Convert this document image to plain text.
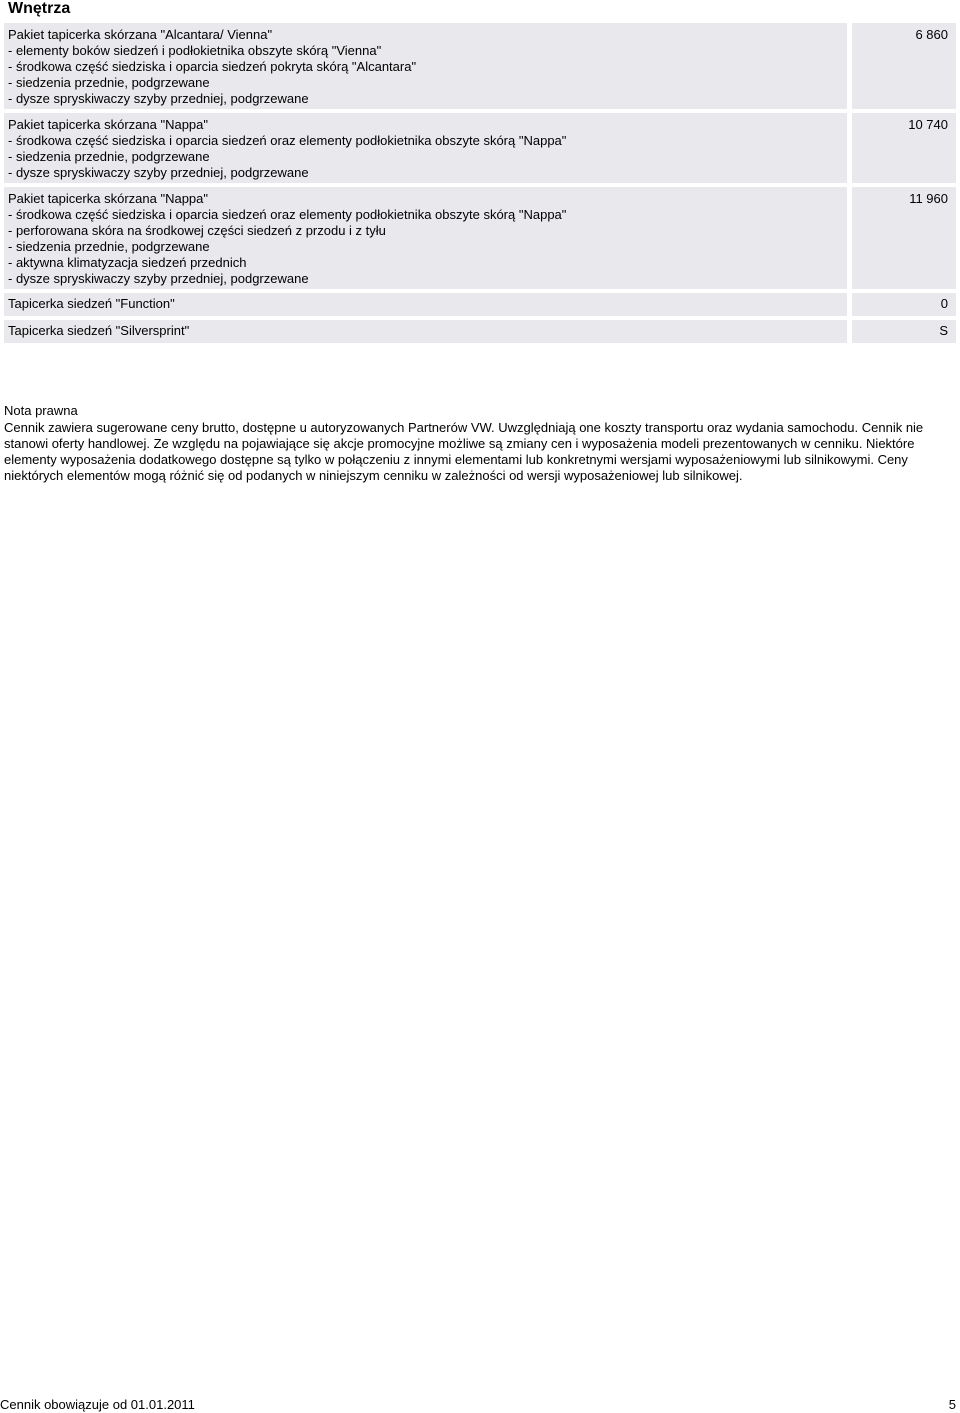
Wnętrza
Pakiet tapicerka skórzana "Alcantara/ Vienna"
- elementy boków siedzeń i podłokietnika obszyte skórą "Vienna"
- środkowa część siedziska i oparcia siedzeń pokryta skórą "Alcantara"
- siedzenia przednie, podgrzewane
- dysze spryskiwaczy szyby przedniej, podgrzewane
6 860
Pakiet tapicerka skórzana "Nappa"
- środkowa część siedziska i oparcia siedzeń oraz elementy podłokietnika obszyte skórą "Nappa"
- siedzenia przednie, podgrzewane
- dysze spryskiwaczy szyby przedniej, podgrzewane
10 740
Pakiet tapicerka skórzana "Nappa"
- środkowa część siedziska i oparcia siedzeń oraz elementy podłokietnika obszyte skórą "Nappa"
- perforowana skóra na środkowej części siedzeń z przodu i z tyłu
- siedzenia przednie, podgrzewane
- aktywna klimatyzacja siedzeń przednich
- dysze spryskiwaczy szyby przedniej, podgrzewane
11 960
Tapicerka siedzeń "Function"	0
Tapicerka siedzeń "Silversprint"	S
Nota prawna
Cennik zawiera sugerowane ceny brutto, dostępne u autoryzowanych Partnerów VW. Uwzględniają one koszty transportu oraz wydania samochodu. Cennik nie stanowi oferty handlowej. Ze względu na pojawiające się akcje promocyjne możliwe są zmiany cen i wyposażenia modeli prezentowanych w cenniku. Niektóre elementy wyposażenia dodatkowego dostępne są tylko w połączeniu z innymi elementami lub konkretnymi wersjami wyposażeniowymi lub silnikowymi. Ceny niektórych elementów mogą różnić się od podanych w niniejszym cenniku w zależności od wersji wyposażeniowej lub silnikowej.
Cennik obowiązuje od 01.01.2011	5
